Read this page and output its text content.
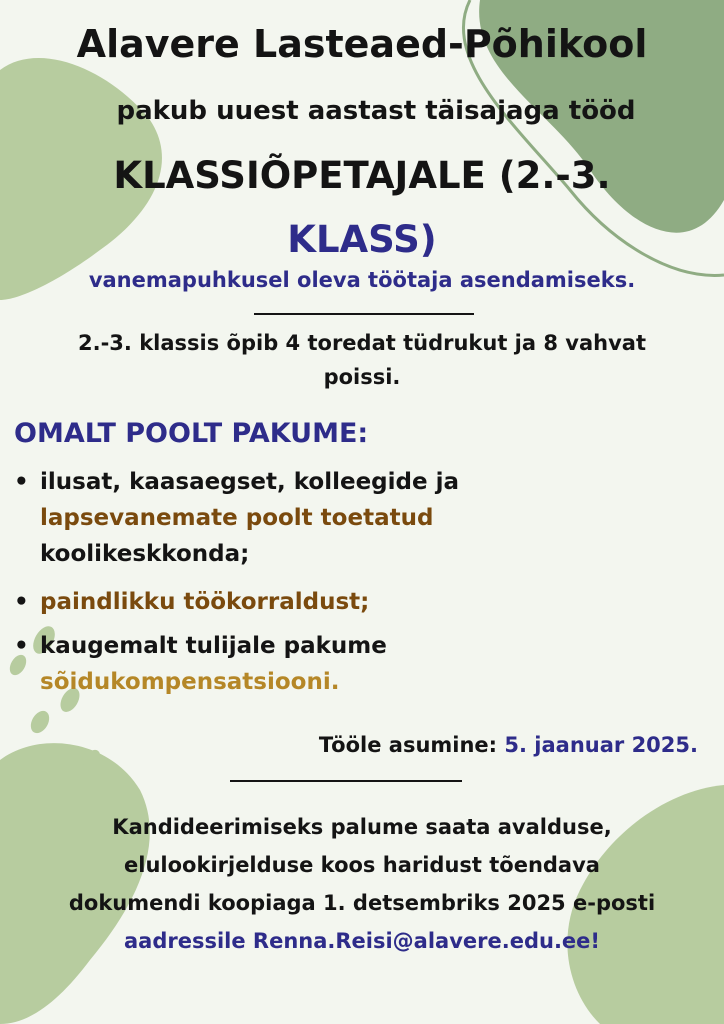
Alavere Lasteaed-Põhikool
pakub uuest aastast täisajaga tööd
KLASSIÕPETAJALE (2.-3.
KLASS)
vanemapuhkusel oleva töötaja asendamiseks.
2.-3. klassis õpib 4 toredat tüdrukut ja 8 vahvat
poissi.
OMALT POOLT PAKUME:
• ilusat, kaasaegset, kolleegide ja
lapsevanemate poolt toetatud
koolikeskkonda;
• paindlikku töökorraldust;
• kaugemalt tulijale pakume
sõidukompensatsiooni.
Tööle asumine: 5. jaanuar 2025.
Kandideerimiseks palume saata avalduse,
elulookirjelduse koos haridust tõendava
dokumendi koopiaga 1. detsembriks 2025 e-posti
aadressile Renna.Reisi@alavere.edu.ee!
